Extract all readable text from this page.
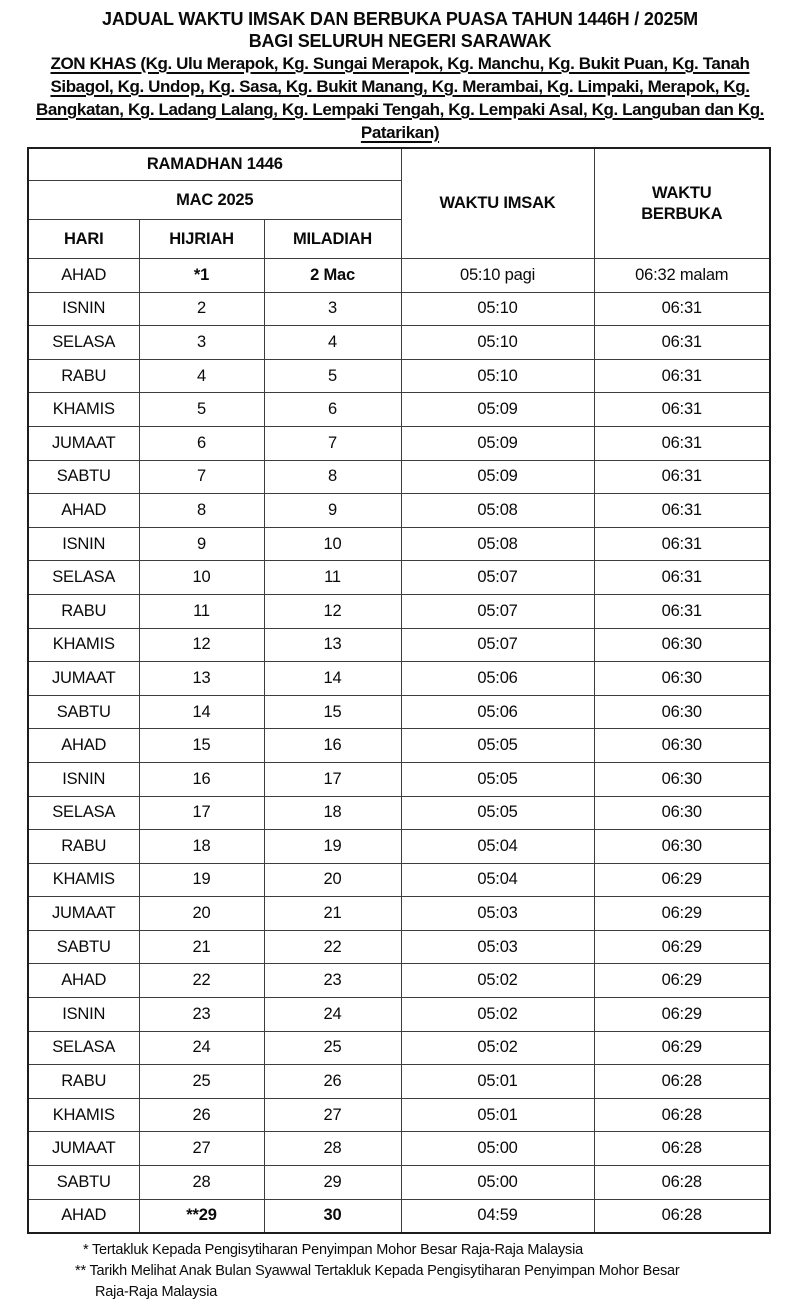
JADUAL WAKTU IMSAK DAN BERBUKA PUASA TAHUN 1446H / 2025M
BAGI SELURUH NEGERI SARAWAK
ZON KHAS (Kg. Ulu Merapok, Kg. Sungai Merapok, Kg. Manchu, Kg. Bukit Puan, Kg. Tanah
Sibagol, Kg. Undop, Kg. Sasa, Kg. Bukit Manang, Kg. Merambai, Kg. Limpaki, Merapok, Kg.
Bangkatan, Kg. Ladang Lalang, Kg. Lempaki Tengah, Kg. Lempaki Asal, Kg. Languban dan Kg.
Patarikan)
RAMADHAN 1446			WAKTU IMSAK	WAKTU BERBUKA
MAC 2025				
HARI	HIJRIAH	MILADIAH		
AHAD	*1	2 Mac	05:10 pagi	06:32 malam
ISNIN	2	3	05:10	06:31
SELASA	3	4	05:10	06:31
RABU	4	5	05:10	06:31
KHAMIS	5	6	05:09	06:31
JUMAAT	6	7	05:09	06:31
SABTU	7	8	05:09	06:31
AHAD	8	9	05:08	06:31
ISNIN	9	10	05:08	06:31
SELASA	10	11	05:07	06:31
RABU	11	12	05:07	06:31
KHAMIS	12	13	05:07	06:30
JUMAAT	13	14	05:06	06:30
SABTU	14	15	05:06	06:30
AHAD	15	16	05:05	06:30
ISNIN	16	17	05:05	06:30
SELASA	17	18	05:05	06:30
RABU	18	19	05:04	06:30
KHAMIS	19	20	05:04	06:29
JUMAAT	20	21	05:03	06:29
SABTU	21	22	05:03	06:29
AHAD	22	23	05:02	06:29
ISNIN	23	24	05:02	06:29
SELASA	24	25	05:02	06:29
RABU	25	26	05:01	06:28
KHAMIS	26	27	05:01	06:28
JUMAAT	27	28	05:00	06:28
SABTU	28	29	05:00	06:28
AHAD	**29	30	04:59	06:28
* Tertakluk Kepada Pengisytiharan Penyimpan Mohor Besar Raja-Raja Malaysia
** Tarikh Melihat Anak Bulan Syawwal Tertakluk Kepada Pengisytiharan Penyimpan Mohor Besar
Raja-Raja Malaysia
